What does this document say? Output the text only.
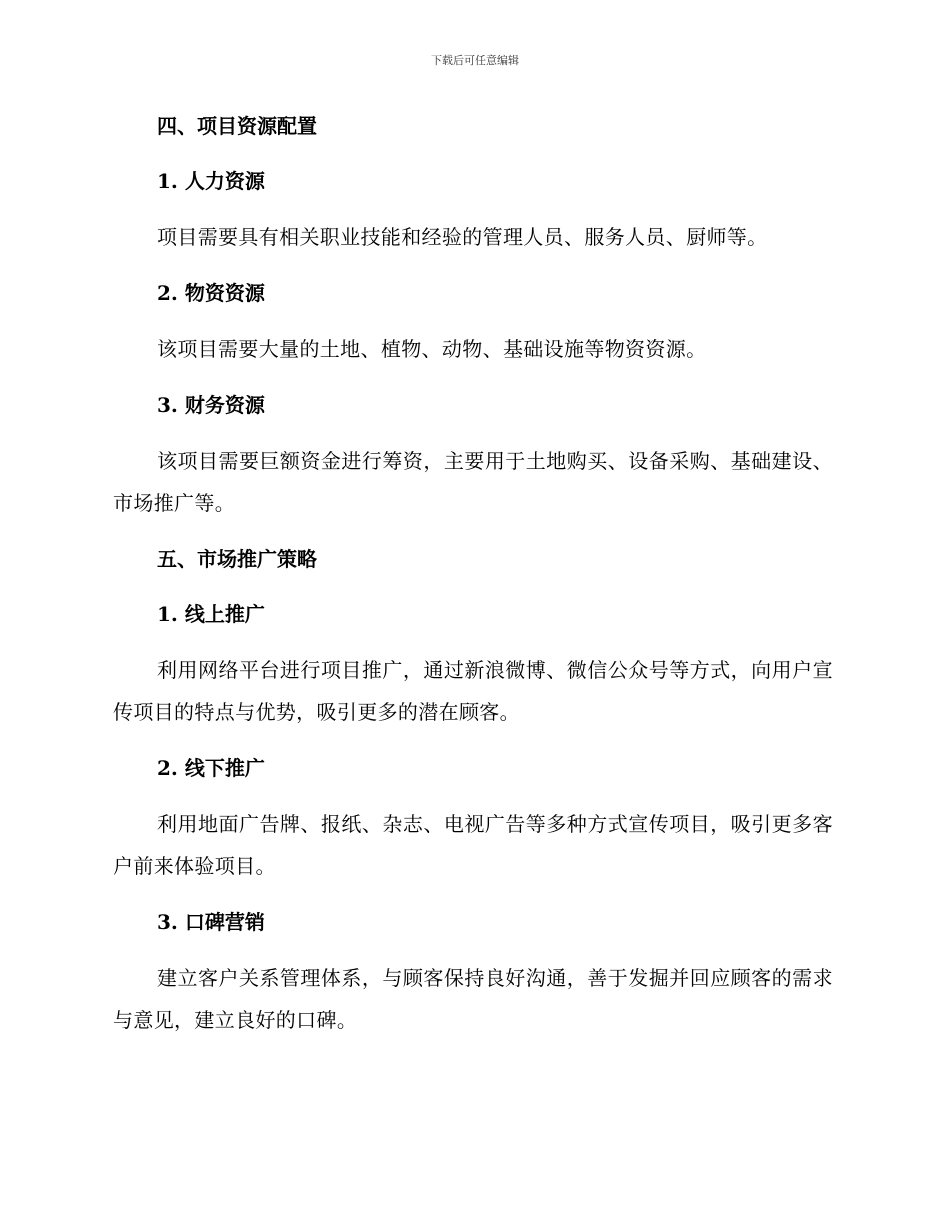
下载后可任意编辑
四、项目资源配置
1. 人力资源

项目需要具有相关职业技能和经验的管理人员、服务人员、厨师等。

2. 物资资源

该项目需要大量的土地、植物、动物、基础设施等物资资源。

3. 财务资源

该项目需要巨额资金进行筹资，主要用于土地购买、设备采购、基础建设、市场推广等。

五、市场推广策略
1. 线上推广

利用网络平台进行项目推广，通过新浪微博、微信公众号等方式，向用户宣传项目的特点与优势，吸引更多的潜在顾客。

2. 线下推广

利用地面广告牌、报纸、杂志、电视广告等多种方式宣传项目，吸引更多客户前来体验项目。

3. 口碑营销

建立客户关系管理体系，与顾客保持良好沟通，善于发掘并回应顾客的需求与意见，建立良好的口碑。
